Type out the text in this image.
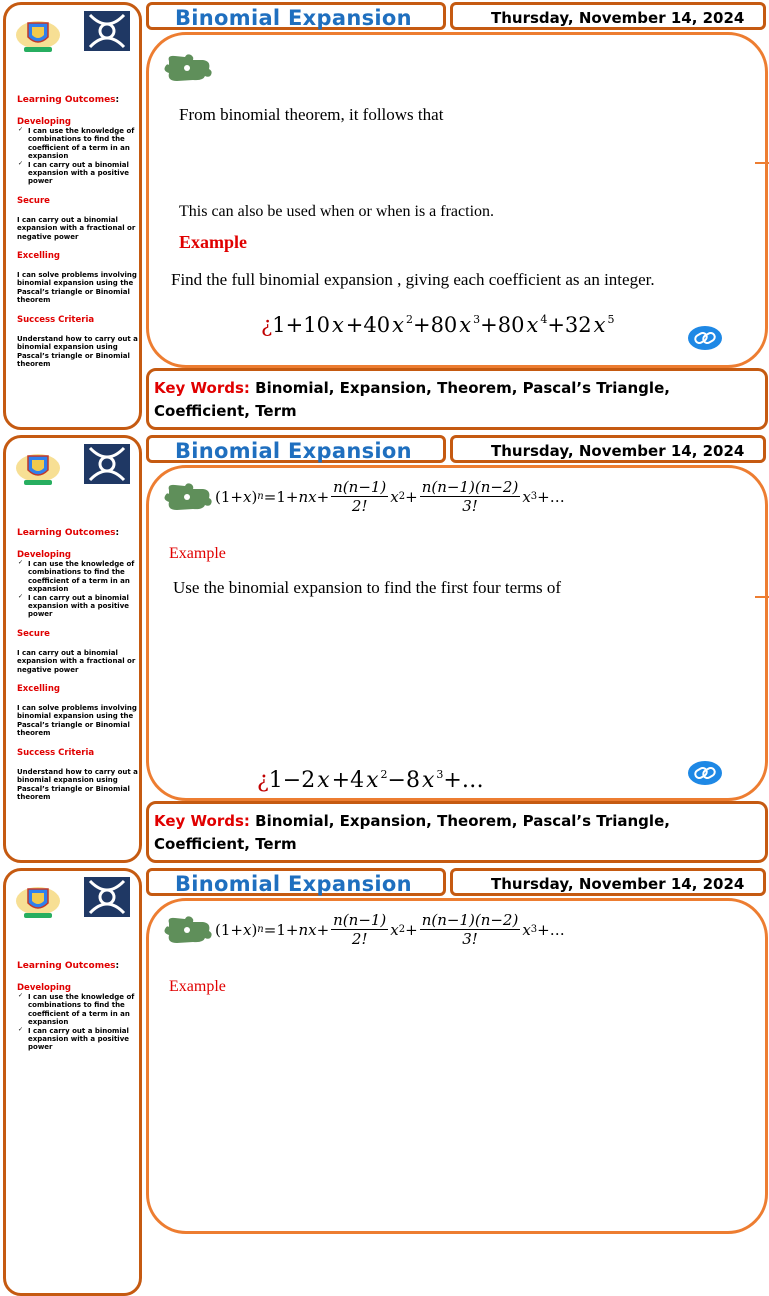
Learning Outcomes:
Developing
✓ I can use the knowledge of combinations to find the coefficient of a term in an expansion
✓ I can carry out a binomial expansion with a positive power
Secure
I can carry out a binomial expansion with a fractional or negative power
Excelling
I can solve problems involving binomial expansion using the Pascal’s triangle or Binomial theorem
Success Criteria
Understand how to carry out a binomial expansion using Pascal’s triangle or Binomial theorem
Binomial Expansion	Thursday, November 14, 2024
From binomial theorem, it follows that
This can also be used when or when is a fraction.
Example
Find the full binomial expansion , giving each coefficient as an integer.
¿1+10x+40x $^2$+80x $^3$+80x $^4$+32x $^5$
Key Words: Binomial, Expansion, Theorem, Pascal’s Triangle, Coefficient, Term
Learning Outcomes:
Developing
✓ I can use the knowledge of combinations to find the coefficient of a term in an expansion
✓ I can carry out a binomial expansion with a positive power
Secure
I can carry out a binomial expansion with a fractional or negative power
Excelling
I can solve problems involving binomial expansion using the Pascal’s triangle or Binomial theorem
Success Criteria
Understand how to carry out a binomial expansion using Pascal’s triangle or Binomial theorem
Binomial Expansion	Thursday, November 14, 2024
(1+ x ) n =1+ nx + $\frac{n(n-1)}{2!}$ x $2 + \frac{n(n-1)(n-2)}{3!}$ x 3 +…
Example
Use the binomial expansion to find the first four terms of
¿1−2x+4x $^2$−8x $^3$+…
Key Words: Binomial, Expansion, Theorem, Pascal’s Triangle, Coefficient, Term
Learning Outcomes:
Developing
✓ I can use the knowledge of combinations to find the coefficient of a term in an expansion
✓ I can carry out a binomial expansion with a positive power
Binomial Expansion	Thursday, November 14, 2024
(1+ x ) n =1+ nx + $\frac{n(n-1)}{2!}$ x $2 + \frac{n(n-1)(n-2)}{3!}$ x 3 +…
Example
